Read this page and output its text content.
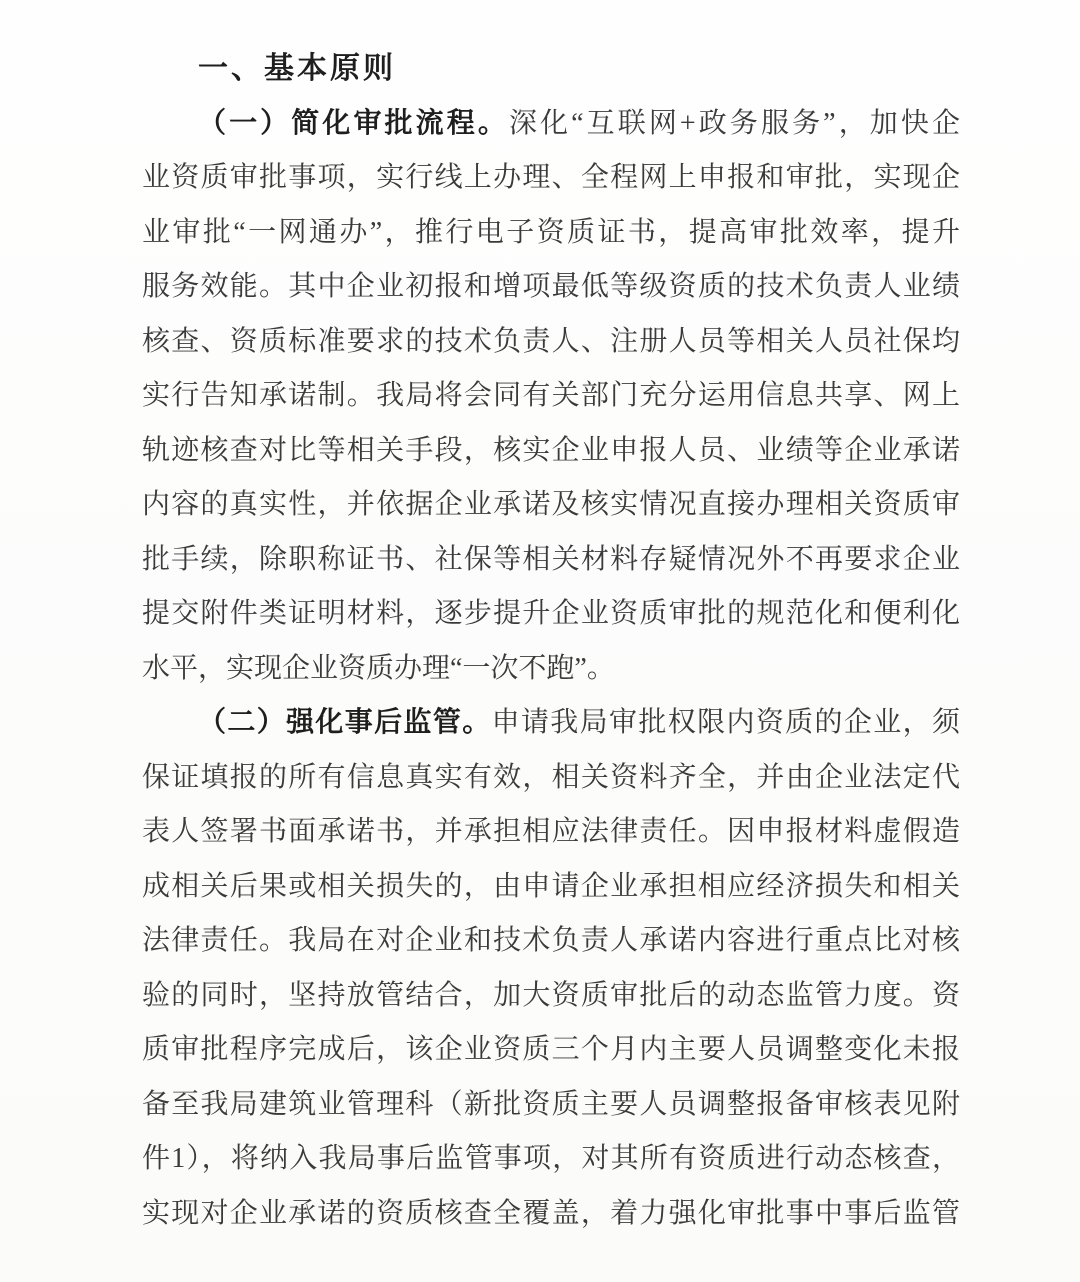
一、基本原则
（一）简化审批流程。深化“互联网+政务服务”，加快企
业资质审批事项，实行线上办理、全程网上申报和审批，实现企
业审批“一网通办”，推行电子资质证书，提高审批效率，提升
服务效能。其中企业初报和增项最低等级资质的技术负责人业绩
核查、资质标准要求的技术负责人、注册人员等相关人员社保均
实行告知承诺制。我局将会同有关部门充分运用信息共享、网上
轨迹核查对比等相关手段，核实企业申报人员、业绩等企业承诺
内容的真实性，并依据企业承诺及核实情况直接办理相关资质审
批手续，除职称证书、社保等相关材料存疑情况外不再要求企业
提交附件类证明材料，逐步提升企业资质审批的规范化和便利化
水平，实现企业资质办理“一次不跑”。
（二）强化事后监管。申请我局审批权限内资质的企业，须
保证填报的所有信息真实有效，相关资料齐全，并由企业法定代
表人签署书面承诺书，并承担相应法律责任。因申报材料虚假造
成相关后果或相关损失的，由申请企业承担相应经济损失和相关
法律责任。我局在对企业和技术负责人承诺内容进行重点比对核
验的同时，坚持放管结合，加大资质审批后的动态监管力度。资
质审批程序完成后，该企业资质三个月内主要人员调整变化未报
备至我局建筑业管理科（新批资质主要人员调整报备审核表见附
件1），将纳入我局事后监管事项，对其所有资质进行动态核查，
实现对企业承诺的资质核查全覆盖，着力强化审批事中事后监管
